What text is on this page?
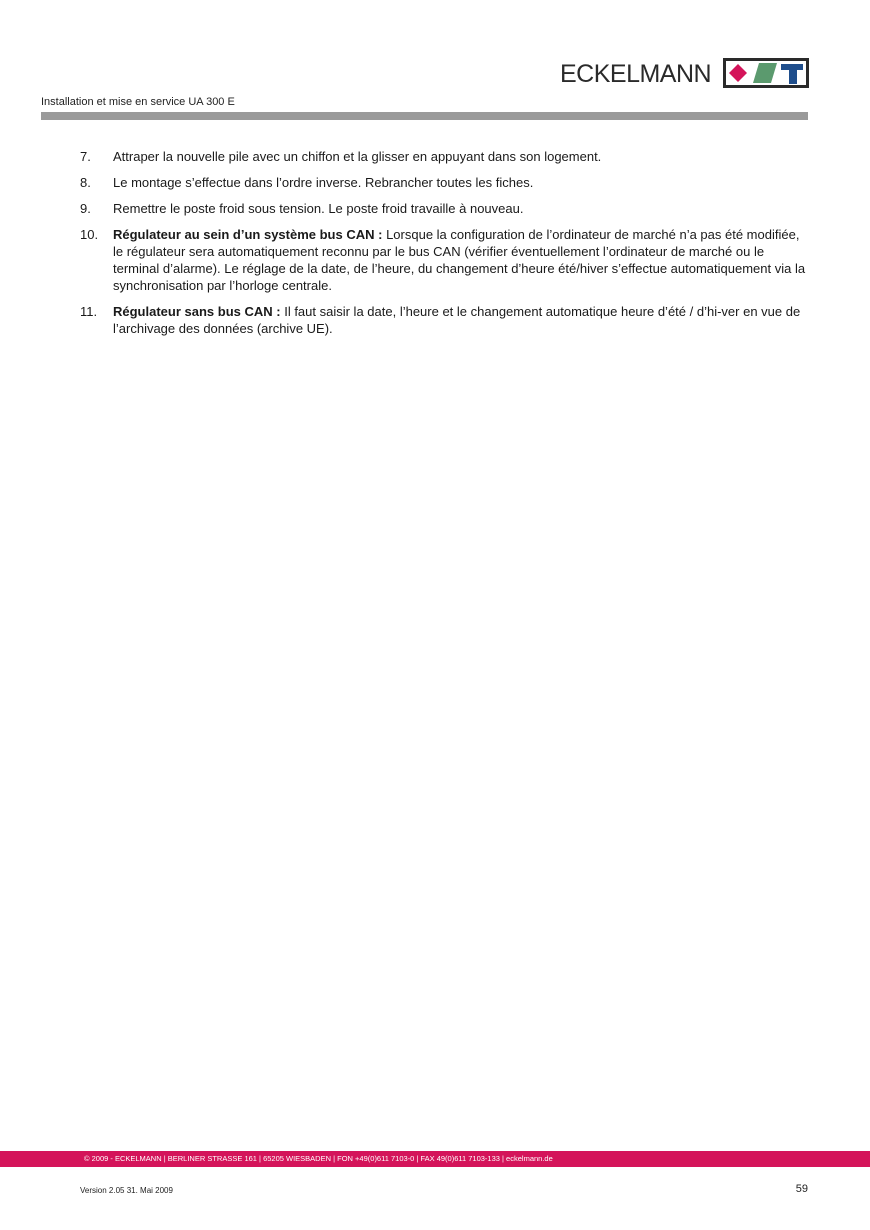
ECKELMANN
Installation et mise en service UA 300 E
7. Attraper la nouvelle pile avec un chiffon et la glisser en appuyant dans son logement.
8. Le montage s’effectue dans l’ordre inverse. Rebrancher toutes les fiches.
9. Remettre le poste froid sous tension. Le poste froid travaille à nouveau.
10. Régulateur au sein d’un système bus CAN : Lorsque la configuration de l’ordinateur de marché n’a pas été modifiée, le régulateur sera automatiquement reconnu par le bus CAN (vérifier éventuellement l’ordinateur de marché ou le terminal d’alarme). Le réglage de la date, de l’heure, du changement d’heure été/hiver s’effectue automatiquement via la synchronisation par l’horloge centrale.
11. Régulateur sans bus CAN : Il faut saisir la date, l’heure et le changement automatique heure d’été / d’hi-ver en vue de l’archivage des données (archive UE).
© 2009 - ECKELMANN | BERLINER STRASSE 161 | 65205 WIESBADEN | FON +49(0)611 7103-0 | FAX 49(0)611 7103-133 | eckelmann.de
Version 2.05 31. Mai 2009	59
